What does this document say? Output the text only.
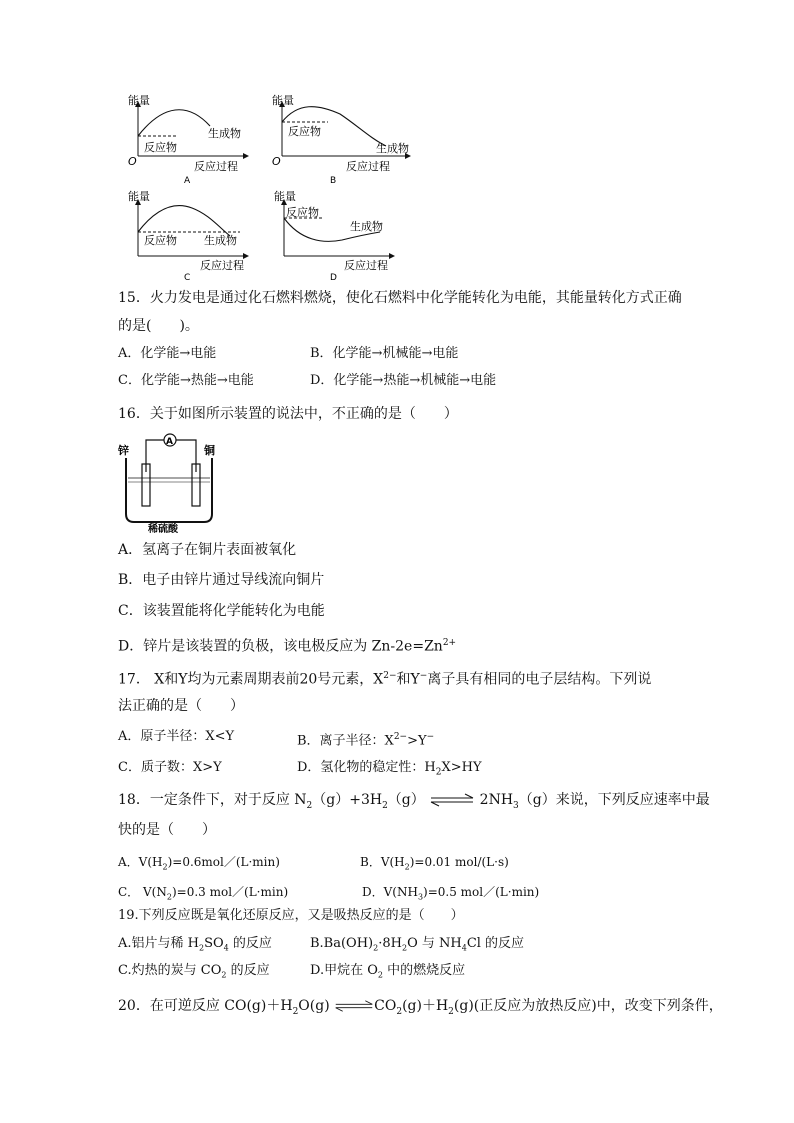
能量
O
反应物
生成物
反应过程
A
能量
O
反应物
生成物
反应过程
B
能量
反应物 生成物
反应过程
C
能量
反应物
生成物
反应过程
D
15．火力发电是通过化石燃料燃烧，使化石燃料中化学能转化为电能，其能量转化方式正确
的是(　　)。
A．化学能→电能	B．化学能→机械能→电能
C．化学能→热能→电能	D．化学能→热能→机械能→电能
16．关于如图所示装置的说法中，不正确的是（　　）
A
锌	铜
稀硫酸
A．氢离子在铜片表面被氧化
B．电子由锌片通过导线流向铜片
C．该装置能将化学能转化为电能
D．锌片是该装置的负极，该电极反应为 $Zn-2e=Zn^{2+}$
17． X和Y均为元素周期表前20号元素，$X^{2-}$和Y−离子具有相同的电子层结构。下列说
法正确的是（　　）
A．原子半径：X<Y	B．离子半径：$X^{2-}>Y^-$
C．质子数：X>Y	D．氢化物的稳定性：$H_2X>HY$
18．一定条件下，对于反应 $N_2(g)+3H_2(g)$ ⇌ $2NH_3(g)$来说，下列反应速率中最
快的是（　　）
A．$V(H_2)=0.6mol/(L\cdot\min)$	B．$V(H_2)=0.01$ mol/(L·s)
C． $V(N_2)=0.3$ mol／(L·min)	D．$V(NH_3)=0.5$ mol／(L·min)
19.下列反应既是氧化还原反应，又是吸热反应的是（　　）
A.铝片与稀 $H_2SO_4$ 的反应	$B.Ba(OH)_2\cdot 8H_2O$ 与 $NH_4Cl$ 的反应
C.灼热的炭与 $CO_2$ 的反应	D.甲烷在 $O_2$ 中的燃烧反应
20．在可逆反应 $CO(g)+H_2O(g)$ $\rightleftharpoons CO_2(g)+H_2(g)$(正反应为放热反应)中，改变下列条件，
